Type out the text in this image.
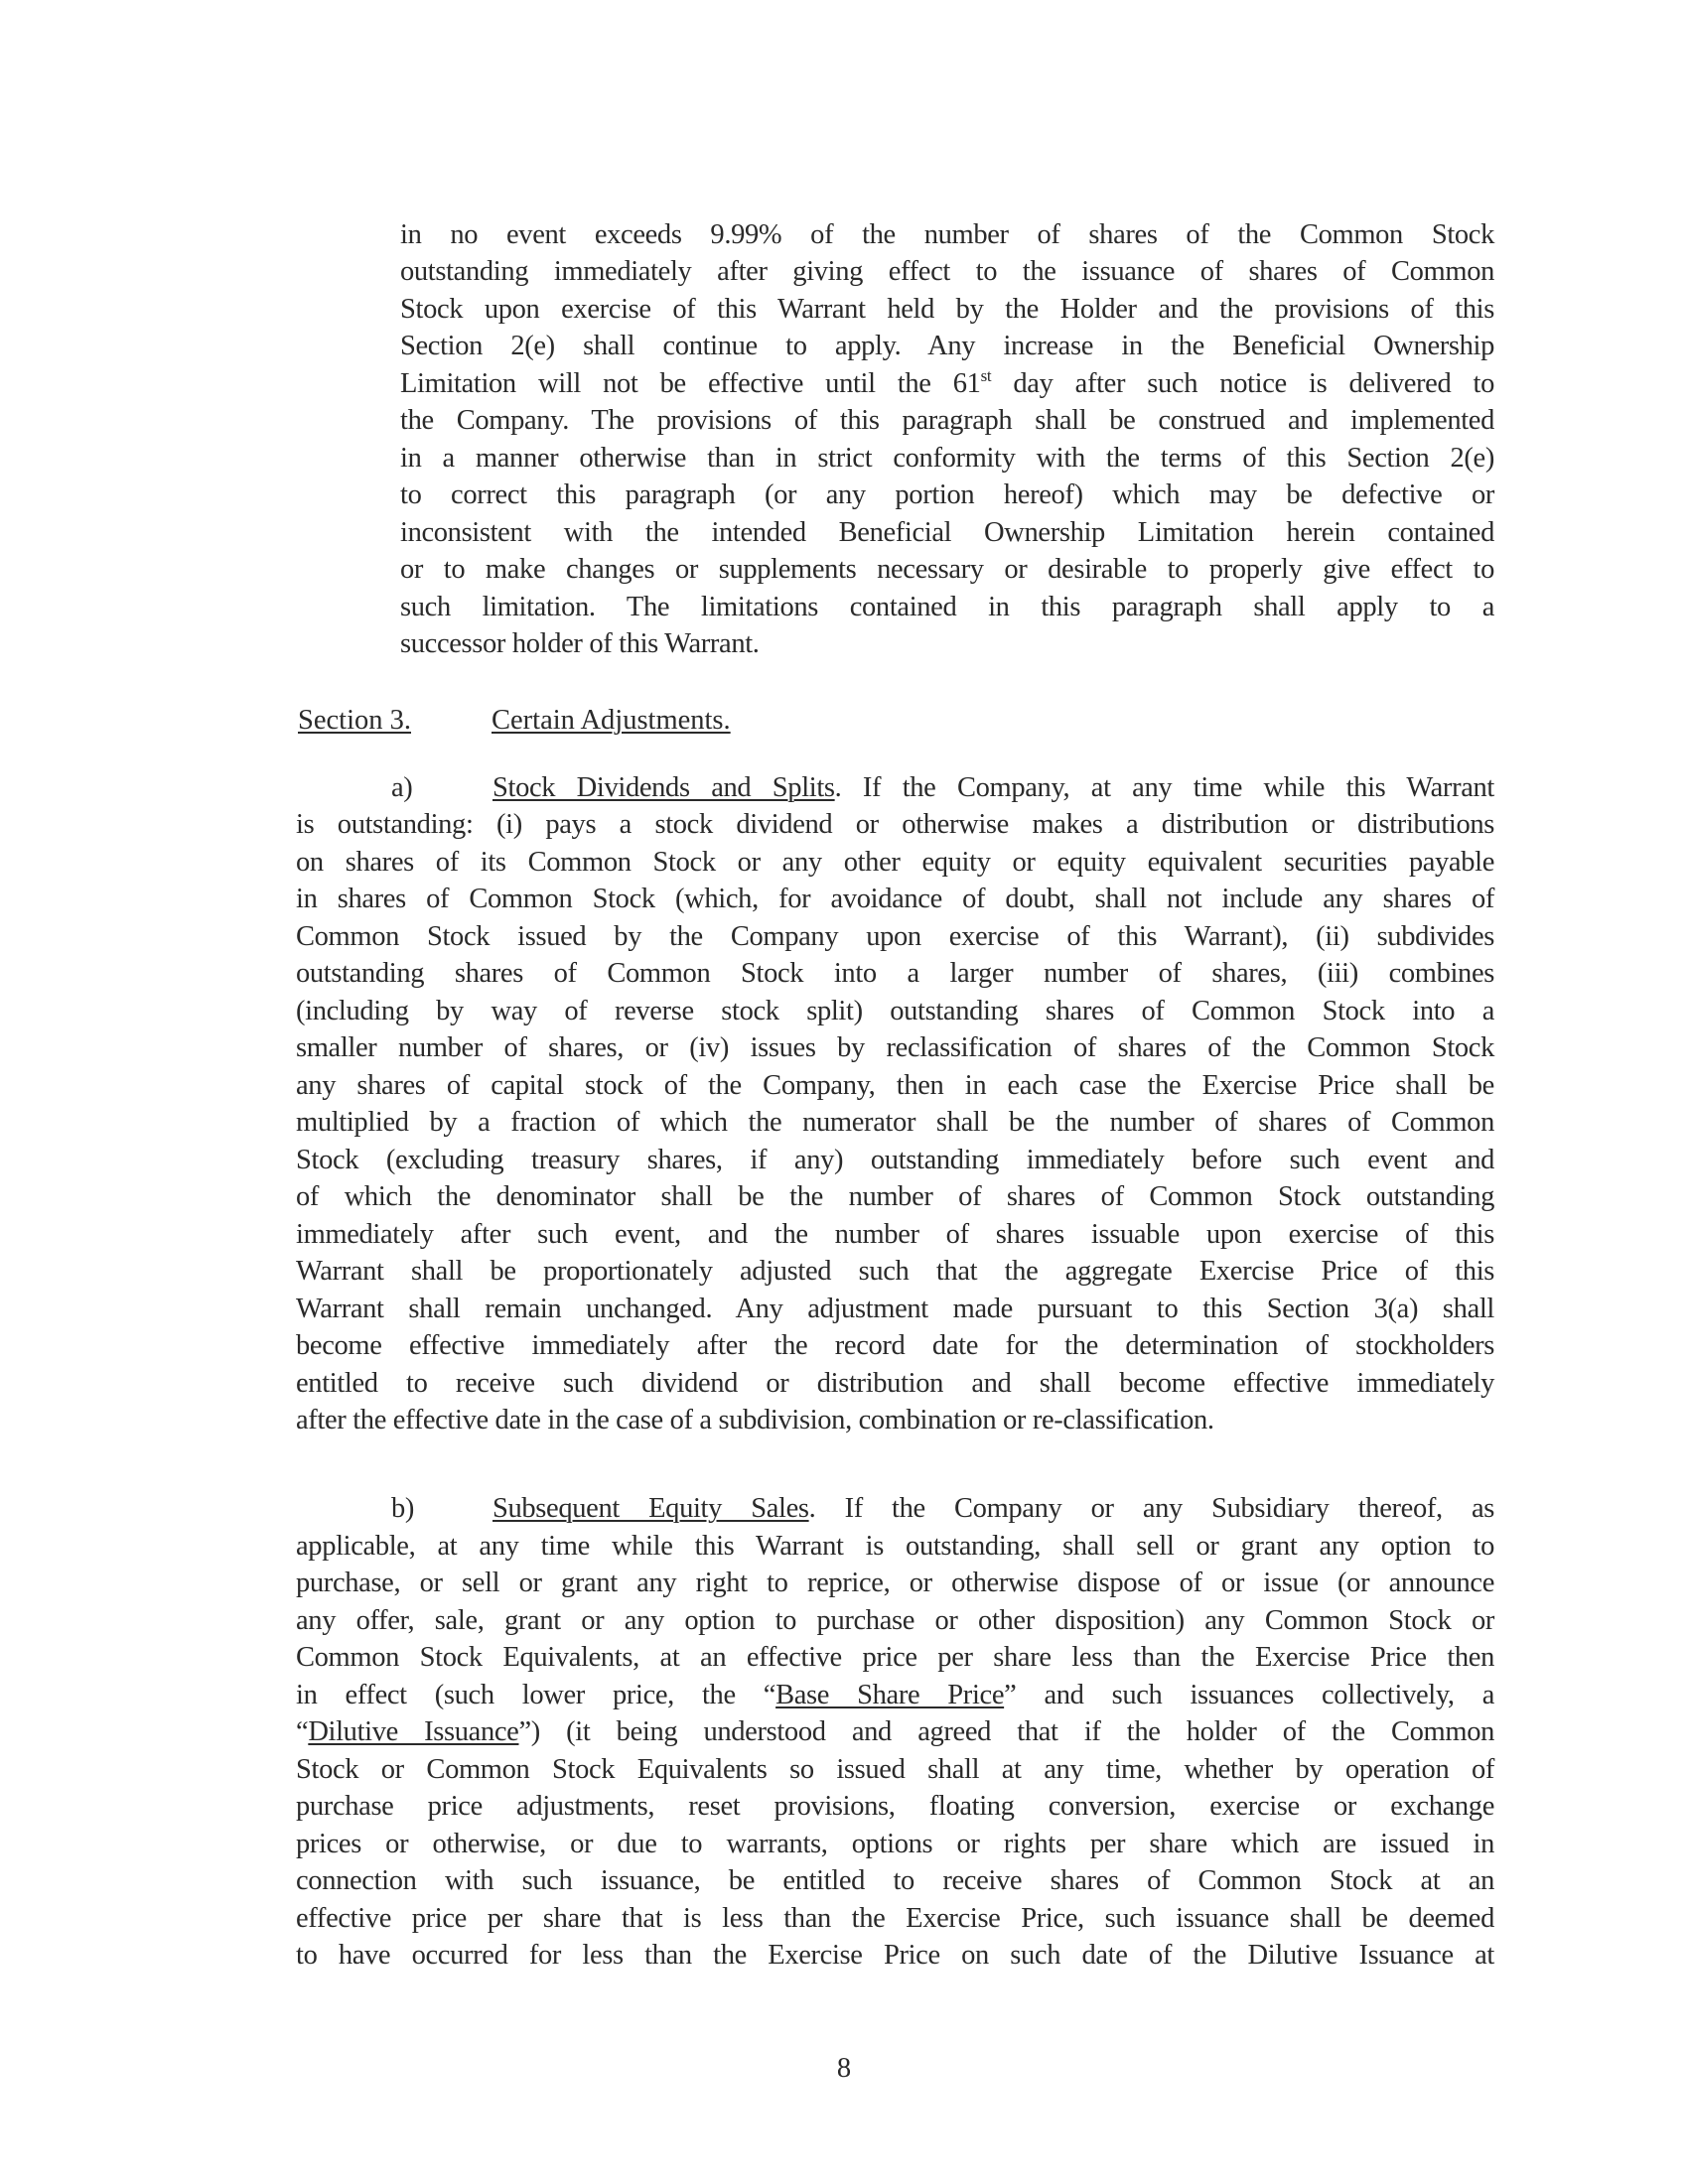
in no event exceeds 9.99% of the number of shares of the Common Stock
outstanding immediately after giving effect to the issuance of shares of Common
Stock upon exercise of this Warrant held by the Holder and the provisions of this
Section 2(e) shall continue to apply. Any increase in the Beneficial Ownership
Limitation will not be effective until the 61st day after such notice is delivered to
the Company. The provisions of this paragraph shall be construed and implemented
in a manner otherwise than in strict conformity with the terms of this Section 2(e)
to correct this paragraph (or any portion hereof) which may be defective or
inconsistent with the intended Beneficial Ownership Limitation herein contained
or to make changes or supplements necessary or desirable to properly give effect to
such limitation. The limitations contained in this paragraph shall apply to a
successor holder of this Warrant.
Section 3.	Certain Adjustments.
a)	Stock Dividends and Splits. If the Company, at any time while this Warrant
is outstanding: (i) pays a stock dividend or otherwise makes a distribution or distributions
on shares of its Common Stock or any other equity or equity equivalent securities payable
in shares of Common Stock (which, for avoidance of doubt, shall not include any shares of
Common Stock issued by the Company upon exercise of this Warrant), (ii) subdivides
outstanding shares of Common Stock into a larger number of shares, (iii) combines
(including by way of reverse stock split) outstanding shares of Common Stock into a
smaller number of shares, or (iv) issues by reclassification of shares of the Common Stock
any shares of capital stock of the Company, then in each case the Exercise Price shall be
multiplied by a fraction of which the numerator shall be the number of shares of Common
Stock (excluding treasury shares, if any) outstanding immediately before such event and
of which the denominator shall be the number of shares of Common Stock outstanding
immediately after such event, and the number of shares issuable upon exercise of this
Warrant shall be proportionately adjusted such that the aggregate Exercise Price of this
Warrant shall remain unchanged. Any adjustment made pursuant to this Section 3(a) shall
become effective immediately after the record date for the determination of stockholders
entitled to receive such dividend or distribution and shall become effective immediately
after the effective date in the case of a subdivision, combination or re-classification.
b)	Subsequent Equity Sales. If the Company or any Subsidiary thereof, as
applicable, at any time while this Warrant is outstanding, shall sell or grant any option to
purchase, or sell or grant any right to reprice, or otherwise dispose of or issue (or announce
any offer, sale, grant or any option to purchase or other disposition) any Common Stock or
Common Stock Equivalents, at an effective price per share less than the Exercise Price then
in effect (such lower price, the “Base Share Price” and such issuances collectively, a
“Dilutive Issuance”) (it being understood and agreed that if the holder of the Common
Stock or Common Stock Equivalents so issued shall at any time, whether by operation of
purchase price adjustments, reset provisions, floating conversion, exercise or exchange
prices or otherwise, or due to warrants, options or rights per share which are issued in
connection with such issuance, be entitled to receive shares of Common Stock at an
effective price per share that is less than the Exercise Price, such issuance shall be deemed
to have occurred for less than the Exercise Price on such date of the Dilutive Issuance at
8
